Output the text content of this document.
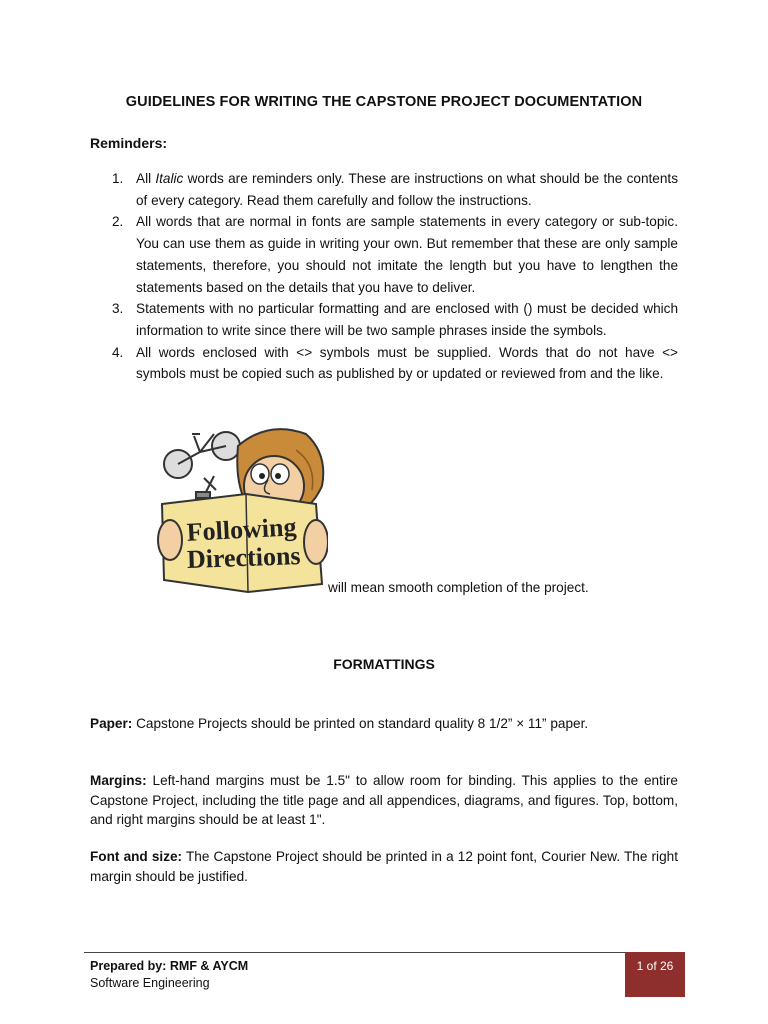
GUIDELINES FOR WRITING THE CAPSTONE PROJECT DOCUMENTATION
Reminders:
1. All Italic words are reminders only. These are instructions on what should be the contents of every category. Read them carefully and follow the instructions.
2. All words that are normal in fonts are sample statements in every category or sub-topic. You can use them as guide in writing your own. But remember that these are only sample statements, therefore, you should not imitate the length but you have to lengthen the statements based on the details that you have to deliver.
3. Statements with no particular formatting and are enclosed with () must be decided which information to write since there will be two sample phrases inside the symbols.
4. All words enclosed with <> symbols must be supplied. Words that do not have <> symbols must be copied such as published by or updated or reviewed from and the like.
Following
Directions
will mean smooth completion of the project.
FORMATTINGS
Paper: Capstone Projects should be printed on standard quality 8 1/2” × 11” paper.
Margins: Left-hand margins must be 1.5" to allow room for binding. This applies to the entire Capstone Project, including the title page and all appendices, diagrams, and figures. Top, bottom, and right margins should be at least 1".
Font and size: The Capstone Project should be printed in a 12 point font, Courier New. The right margin should be justified.
Prepared by: RMF & AYCM
Software Engineering
1 of 26
